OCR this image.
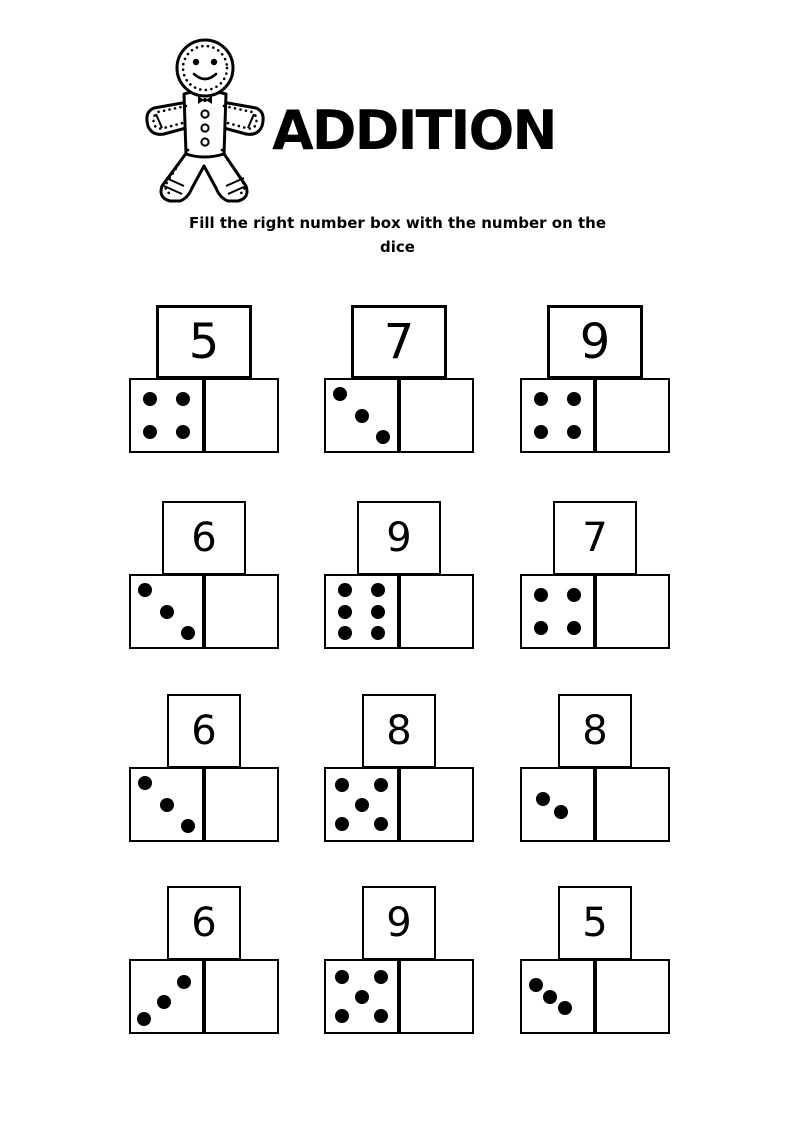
ADDITION

Fill the right number box with the number on the dice

5	7	9
6	9	7
6	8	8
6	9	5
